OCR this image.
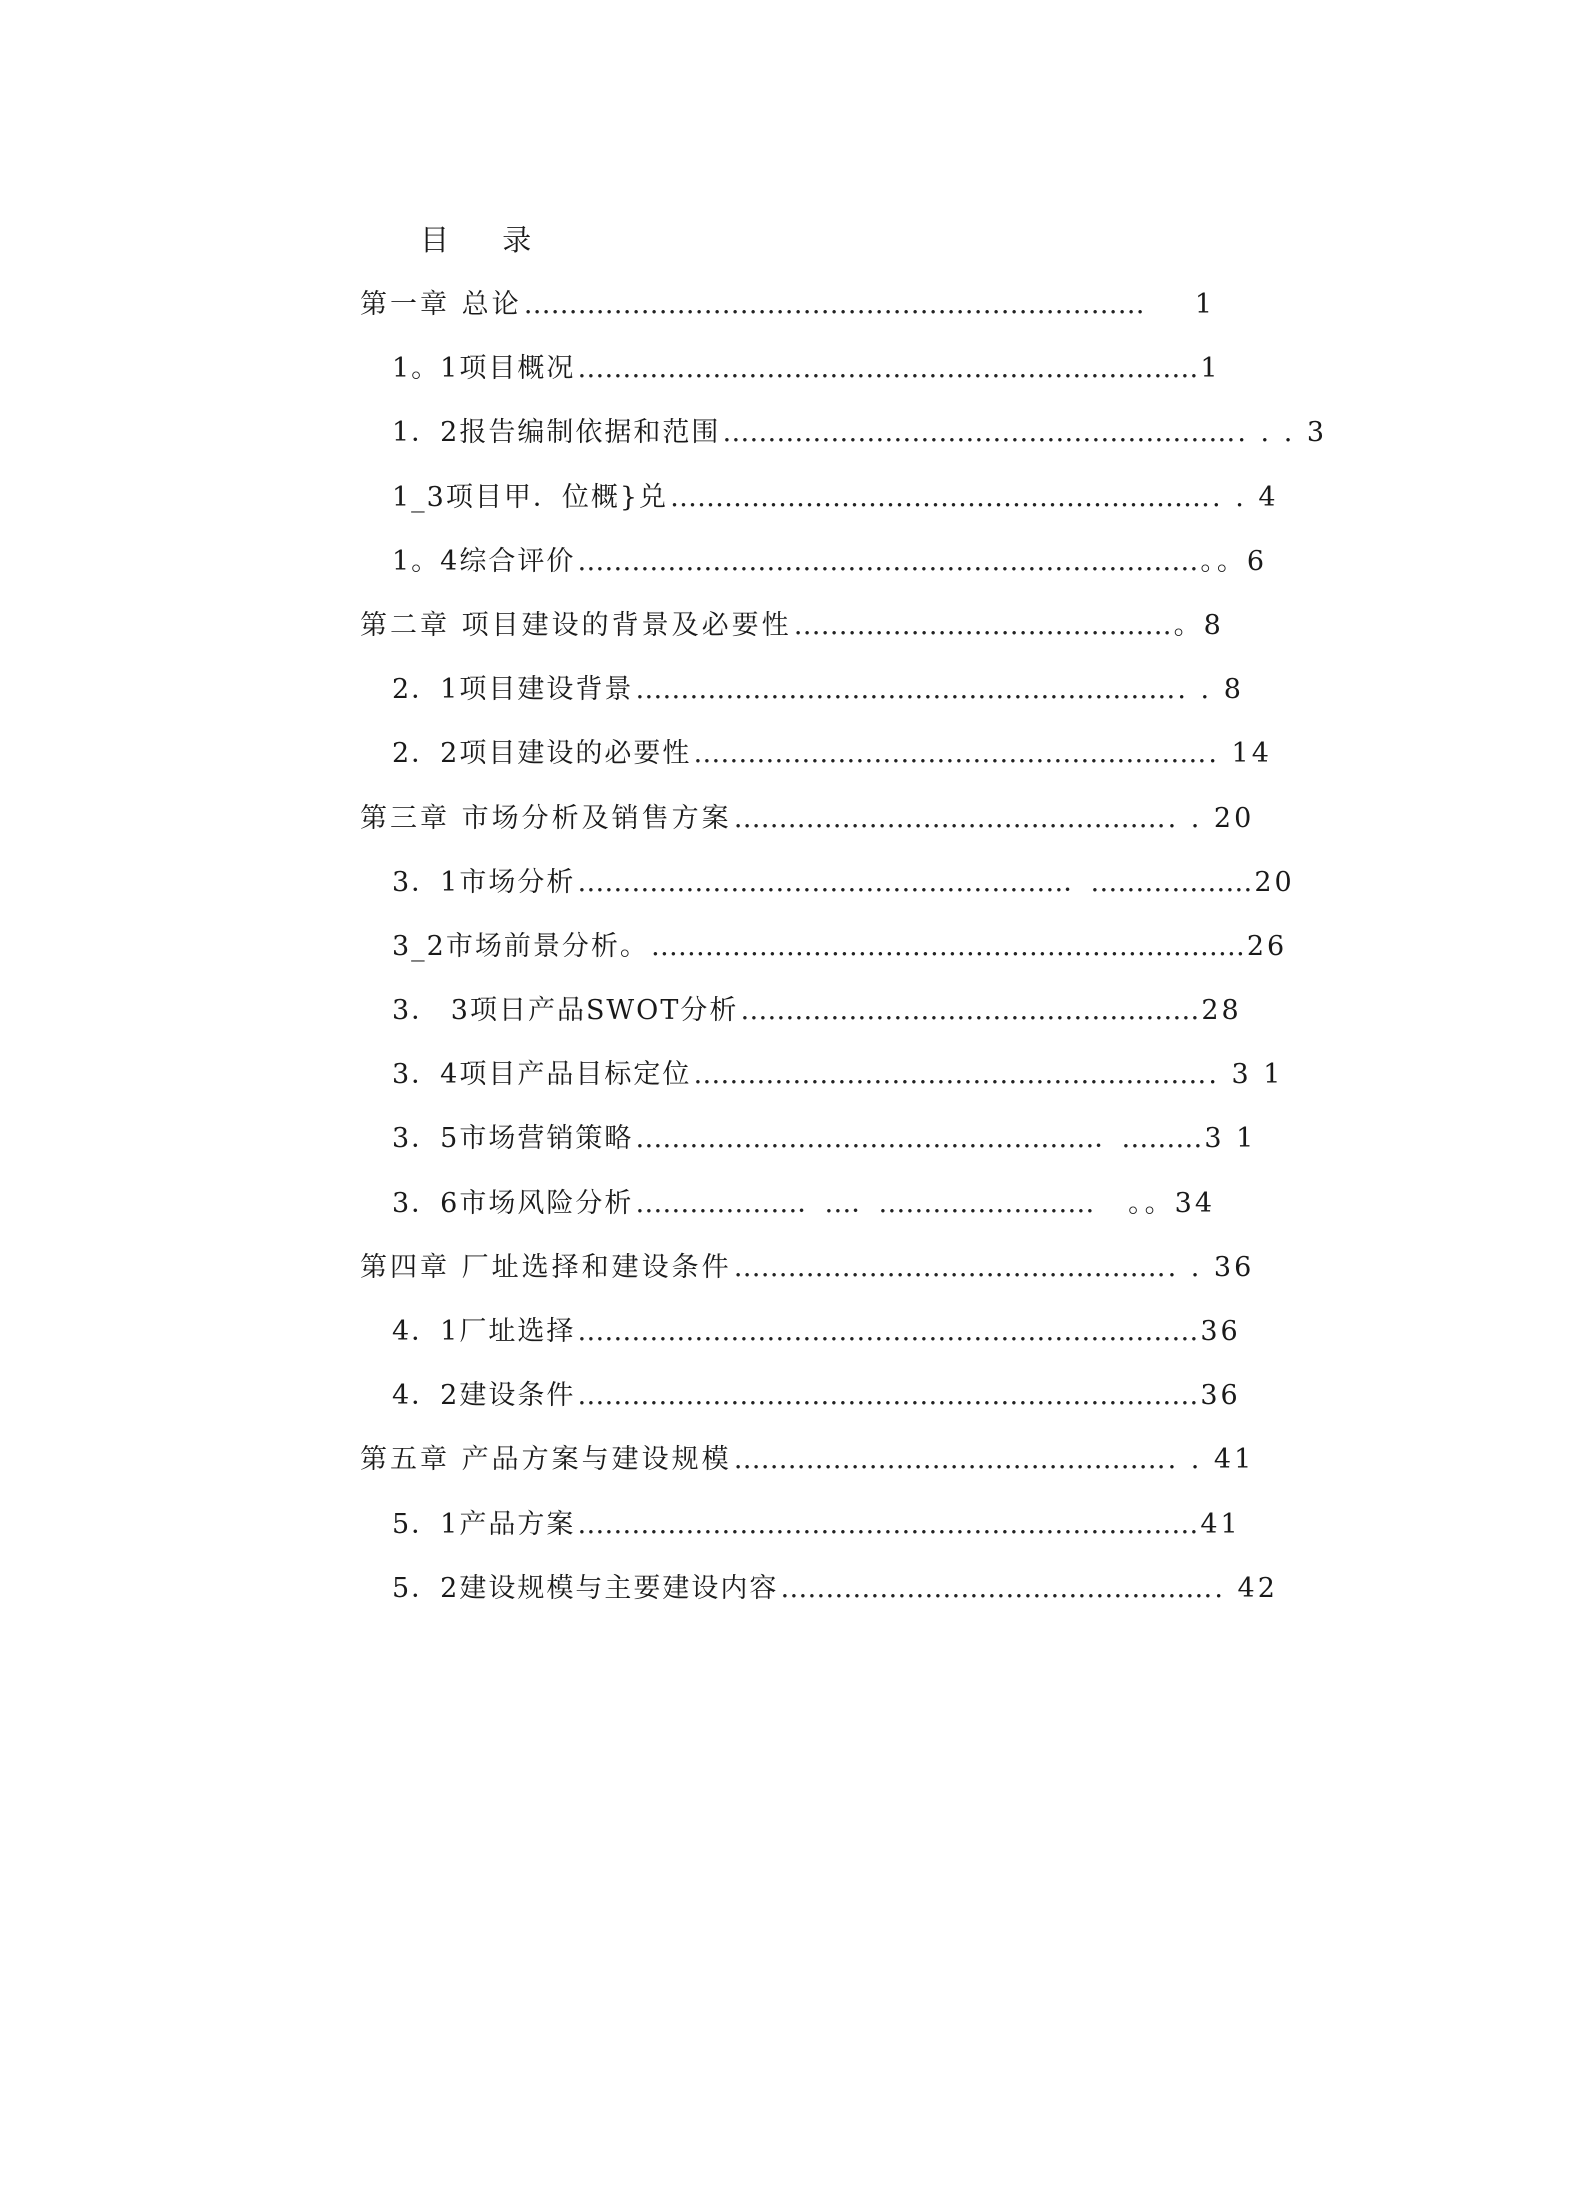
目 录
第一章 总论 ……………………………………………………………	1
1。1项目概况 …………………………………………………………… 1
1．2报告编制依据和范围 ………………………………………………… . . . 3
1_3项目甲．位概}兑 …………………………………………………… . . 4
1。4综合评价 …………………………………………………………… 。。6
第二章 项目建设的背景及必要性 …………………………………… 。8
2．1项目建设背景 …………………………………………………… . . 8
2．2项目建设的必要性 ………………………………………………… . 14
第三章 市场分析及销售方案 ………………………………………… . . 20
3．1市场分析 ………………………………………………．……………… 20
3_2市场前景分析。 ………………………………………………………… 26
3． 3项日产品SWOT分析 …………………………………………… 28
3．4项目产品目标定位 ………………………………………………… . 3 1
3．5市场营销策略 ……………………………………………．……… 3 1
3．6市场风险分析 ………………．…．……………………	。。34
第四章 厂址选择和建设条件 ………………………………………… . . 36
4．1厂址选择 …………………………………………………………… 36
4．2建设条件 …………………………………………………………… 36
第五章 产品方案与建设规模 ………………………………………… . . 41
5．1产品方案 …………………………………………………………… 41
5．2建设规模与主要建设内容 ………………………………………… . 42
